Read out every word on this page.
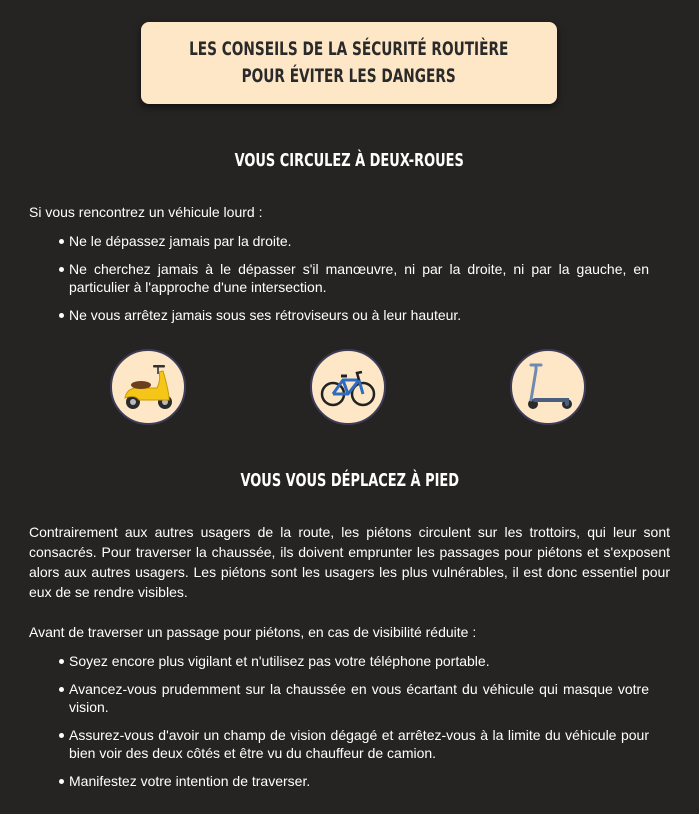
LES CONSEILS DE LA SÉCURITÉ ROUTIÈRE
POUR ÉVITER LES DANGERS
VOUS CIRCULEZ À DEUX-ROUES

Si vous rencontrez un véhicule lourd :

Ne le dépassez jamais par la droite.
Ne cherchez jamais à le dépasser s'il manœuvre, ni par la droite, ni par la gauche, en particulier à l'approche d'une intersection.
Ne vous arrêtez jamais sous ses rétroviseurs ou à leur hauteur.
VOUS VOUS DÉPLACEZ À PIED

Contrairement aux autres usagers de la route, les piétons circulent sur les trottoirs, qui leur sont consacrés. Pour traverser la chaussée, ils doivent emprunter les passages pour piétons et s'exposent alors aux autres usagers. Les piétons sont les usagers les plus vulnérables, il est donc essentiel pour eux de se rendre visibles.

Avant de traverser un passage pour piétons, en cas de visibilité réduite :

Soyez encore plus vigilant et n'utilisez pas votre téléphone portable.
Avancez-vous prudemment sur la chaussée en vous écartant du véhicule qui masque votre vision.
Assurez-vous d'avoir un champ de vision dégagé et arrêtez-vous à la limite du véhicule pour bien voir des deux côtés et être vu du chauffeur de camion.
Manifestez votre intention de traverser.
